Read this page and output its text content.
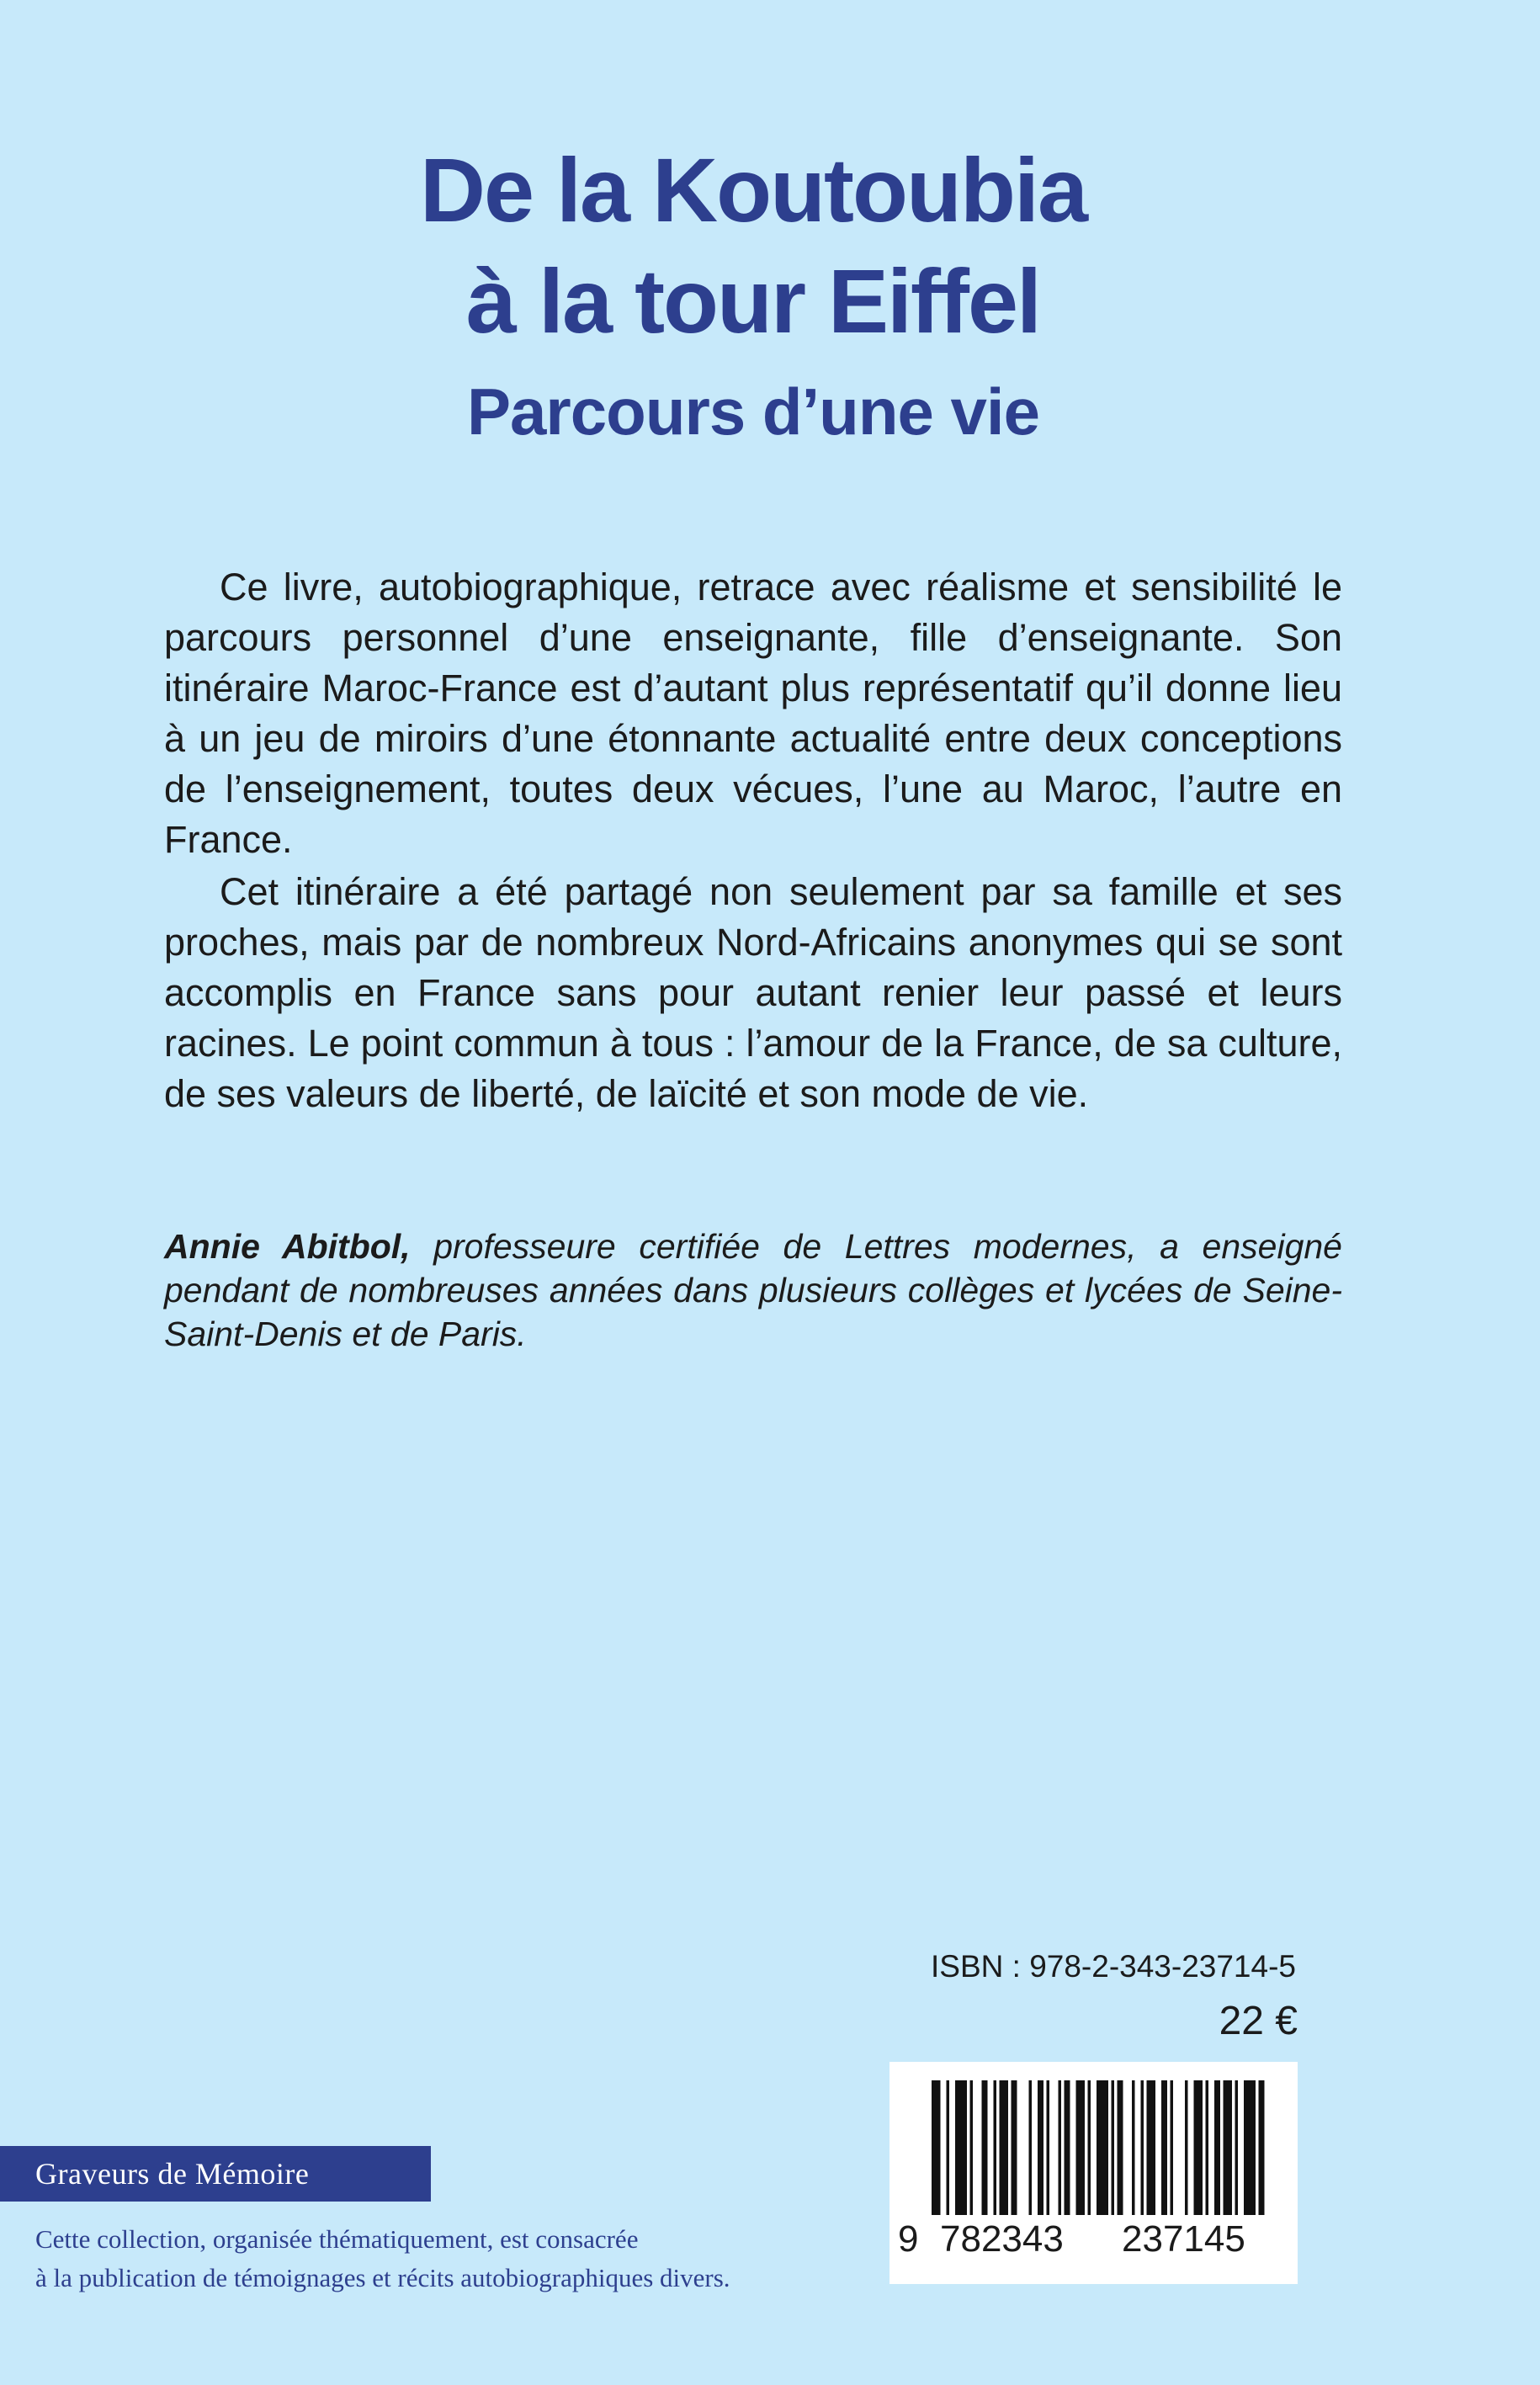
De la Koutoubia
à la tour Eiffel
Parcours d’une vie

Ce livre, autobiographique, retrace avec réalisme et sensibilité le parcours personnel d’une enseignante, fille d’enseignante. Son itinéraire Maroc-France est d’autant plus représentatif qu’il donne lieu à un jeu de miroirs d’une étonnante actualité entre deux conceptions de l’enseignement, toutes deux vécues, l’une au Maroc, l’autre en France.

Cet itinéraire a été partagé non seulement par sa famille et ses proches, mais par de nombreux Nord-Africains anonymes qui se sont accomplis en France sans pour autant renier leur passé et leurs racines. Le point commun à tous : l’amour de la France, de sa culture, de ses valeurs de liberté, de laïcité et son mode de vie.

Annie Abitbol, professeure certifiée de Lettres modernes, a enseigné pendant de nombreuses années dans plusieurs collèges et lycées de Seine-Saint-Denis et de Paris.

ISBN : 978-2-343-23714-5
22 €
9 782343 237145
Graveurs de Mémoire
Cette collection, organisée thématiquement, est consacrée
à la publication de témoignages et récits autobiographiques divers.
